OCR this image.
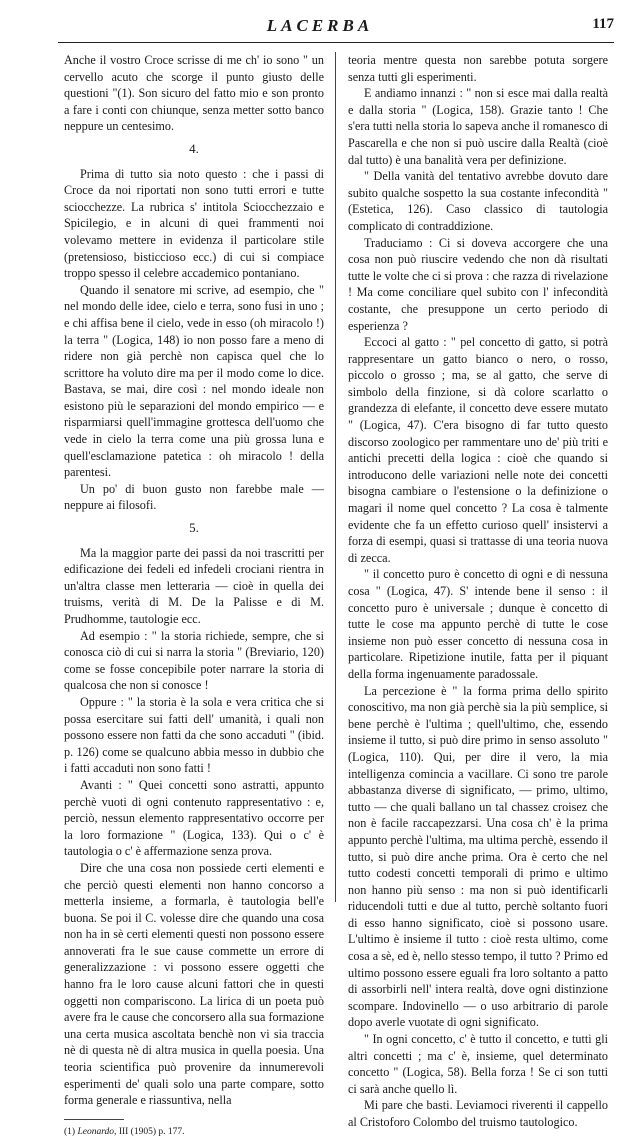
LACERBA	117

Anche il vostro Croce scrisse di me ch' io sono " un cervello acuto che scorge il punto giusto delle questioni "(1). Son sicuro del fatto mio e son pronto a fare i conti con chiunque, senza metter sotto banco neppure un centesimo.

4.

Prima di tutto sia noto questo : che i passi di Croce da noi riportati non sono tutti errori e tutte sciocchezze. La rubrica s' intitola Sciocchezzaio e Spicilegio, e in alcuni di quei frammenti noi volevamo mettere in evidenza il particolare stile (pretensioso, bisticcioso ecc.) di cui si compiace troppo spesso il celebre accademico pontaniano.

Quando il senatore mi scrive, ad esempio, che " nel mondo delle idee, cielo e terra, sono fusi in uno ; e chi affisa bene il cielo, vede in esso (oh miracolo !) la terra " (Logica, 148) io non posso fare a meno di ridere non già perchè non capisca quel che lo scrittore ha voluto dire ma per il modo come lo dice. Bastava, se mai, dire così : nel mondo ideale non esistono più le separazioni del mondo empirico — e risparmiarsi quell'immagine grottesca dell'uomo che vede in cielo la terra come una più grossa luna e quell'esclamazione patetica : oh miracolo ! della parentesi.

Un po' di buon gusto non farebbe male — neppure ai filosofi.

5.

Ma la maggior parte dei passi da noi trascritti per edificazione dei fedeli ed infedeli crociani rientra in un'altra classe men letteraria — cioè in quella dei truisms, verità di M. De la Palisse e di M. Prudhomme, tautologie ecc.

Ad esempio : " la storia richiede, sempre, che si conosca ciò di cui si narra la storia " (Breviario, 120) come se fosse concepibile poter narrare la storia di qualcosa che non si conosce !

Oppure : " la storia è la sola e vera critica che si possa esercitare sui fatti dell' umanità, i quali non possono essere non fatti da che sono accaduti " (ibid. p. 126) come se qualcuno abbia messo in dubbio che i fatti accaduti non sono fatti !

Avanti : " Quei concetti sono astratti, appunto perchè vuoti di ogni contenuto rappresentativo : e, perciò, nessun elemento rappresentativo occorre per la loro formazione " (Logica, 133). Qui o c' è tautologia o c' è affermazione senza prova.

Dire che una cosa non possiede certi elementi e che perciò questi elementi non hanno concorso a metterla insieme, a formarla, è tautologia bell'e buona. Se poi il C. volesse dire che quando una cosa non ha in sè certi elementi questi non possono essere annoverati fra le sue cause commette un errore di generalizzazione : vi possono essere oggetti che hanno fra le loro cause alcuni fattori che in questi oggetti non compariscono. La lirica di un poeta può avere fra le cause che concorsero alla sua formazione una certa musica ascoltata benchè non vi sia traccia nè di questa nè di altra musica in quella poesia. Una teoria scientifica può provenire da innumerevoli esperimenti de' quali solo una parte compare, sotto forma generale e riassuntiva, nella

(1) Leonardo, III (1905) p. 177.

teoria mentre questa non sarebbe potuta sorgere senza tutti gli esperimenti.

E andiamo innanzi : " non si esce mai dalla realtà e dalla storia " (Logica, 158). Grazie tanto ! Che s'era tutti nella storia lo sapeva anche il romanesco di Pascarella e che non si può uscire dalla Realtà (cioè dal tutto) è una banalità vera per definizione.

" Della vanità del tentativo avrebbe dovuto dare subito qualche sospetto la sua costante infecondità " (Estetica, 126). Caso classico di tautologia complicato di contraddizione.

Traduciamo : Ci si doveva accorgere che una cosa non può riuscire vedendo che non dà risultati tutte le volte che ci si prova : che razza di rivelazione ! Ma come conciliare quel subito con l' infecondità costante, che presuppone un certo periodo di esperienza ?

Eccoci al gatto : " pel concetto di gatto, si potrà rappresentare un gatto bianco o nero, o rosso, piccolo o grosso ; ma, se al gatto, che serve di simbolo della finzione, si dà colore scarlatto o grandezza di elefante, il concetto deve essere mutato " (Logica, 47). C'era bisogno di far tutto questo discorso zoologico per rammentare uno de' più triti e antichi precetti della logica : cioè che quando si introducono delle variazioni nelle note dei concetti bisogna cambiare o l'estensione o la definizione o magari il nome quel concetto ? La cosa è talmente evidente che fa un effetto curioso quell' insistervi a forza di esempi, quasi si trattasse di una teoria nuova di zecca.

" il concetto puro è concetto di ogni e di nessuna cosa " (Logica, 47). S' intende bene il senso : il concetto puro è universale ; dunque è concetto di tutte le cose ma appunto perchè di tutte le cose insieme non può esser concetto di nessuna cosa in particolare. Ripetizione inutile, fatta per il piquant della forma ingenuamente paradossale.

La percezione è " la forma prima dello spirito conoscitivo, ma non già perchè sia la più semplice, si bene perchè è l'ultima ; quell'ultimo, che, essendo insieme il tutto, si può dire primo in senso assoluto " (Logica, 110). Qui, per dire il vero, la mia intelligenza comincia a vacillare. Ci sono tre parole abbastanza diverse di significato, — primo, ultimo, tutto — che quali ballano un tal chassez croisez che non è facile raccapezzarsi. Una cosa ch' è la prima appunto perchè l'ultima, ma ultima perchè, essendo il tutto, si può dire anche prima. Ora è certo che nel tutto codesti concetti temporali di primo e ultimo non hanno più senso : ma non si può identificarli riducendoli tutti e due al tutto, perchè soltanto fuori di esso hanno significato, cioè si possono usare. L'ultimo è insieme il tutto : cioè resta ultimo, come cosa a sè, ed è, nello stesso tempo, il tutto ? Primo ed ultimo possono essere eguali fra loro soltanto a patto di assorbirli nell' intera realtà, dove ogni distinzione scompare. Indovinello — o uso arbitrario di parole dopo averle vuotate di ogni significato.

" In ogni concetto, c' è tutto il concetto, e tutti gli altri concetti ; ma c' è, insieme, quel determinato concetto " (Logica, 58). Bella forza ! Se ci son tutti ci sarà anche quello lì.

Mi pare che basti. Leviamoci riverenti il cappello al Cristoforo Colombo del truismo tautologico.
